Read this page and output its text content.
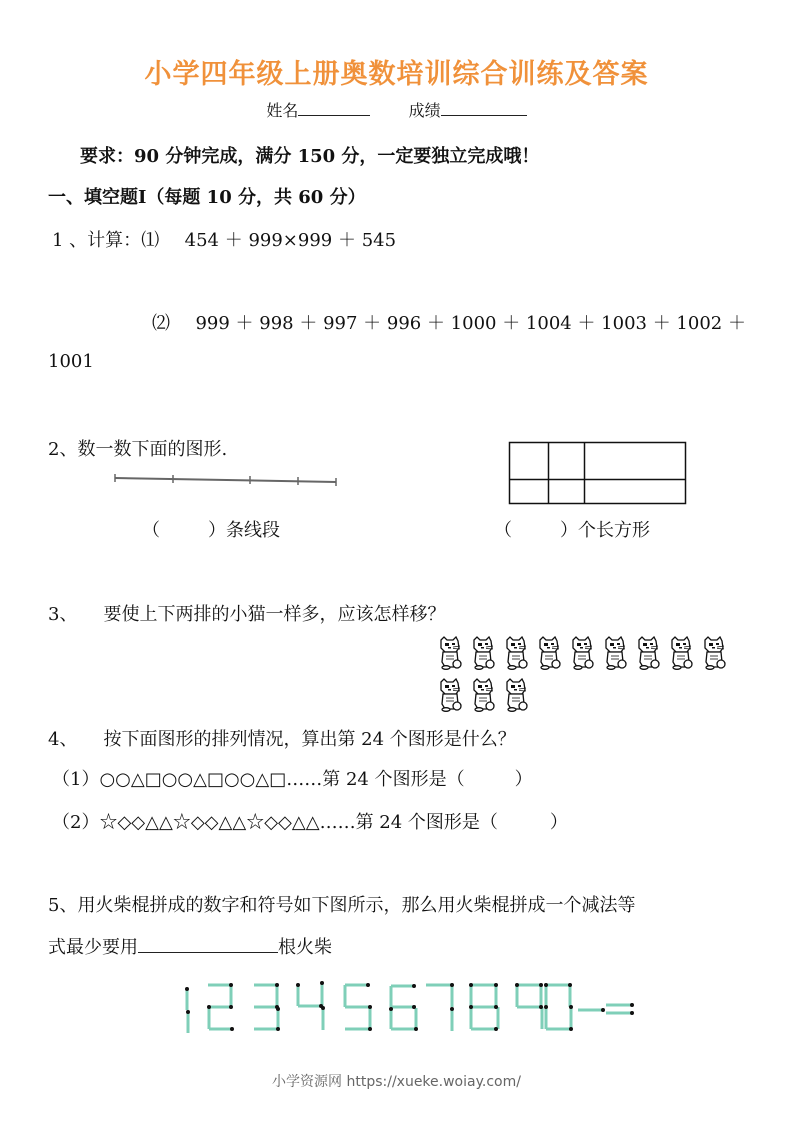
小学四年级上册奥数培训综合训练及答案
姓名	成绩
要求：90 分钟完成，满分 150 分，一定要独立完成哦！
一、填空题Ⅰ（每题 10 分，共 60 分）
1 、计算：⑴ 454 ＋ 999×999 ＋ 545
⑵ 999 ＋ 998 ＋ 997 ＋ 996 ＋ 1000 ＋ 1004 ＋ 1003 ＋ 1002 ＋
1001
2、数一数下面的图形.
（	）条线段	（	）个长方形
3、 要使上下两排的小猫一样多，应该怎样移？
4、 按下面图形的排列情况，算出第 24 个图形是什么？
（1）○○△□○○△□○○△□……第 24 个图形是（	）
（2）☆◇◇△△☆◇◇△△☆◇◇△△……第 24 个图形是（	）
5、用火柴棍拼成的数字和符号如下图所示，那么用火柴棍拼成一个减法等
式最少要用	根火柴
小学资源网 https://xueke.woiay.com/
